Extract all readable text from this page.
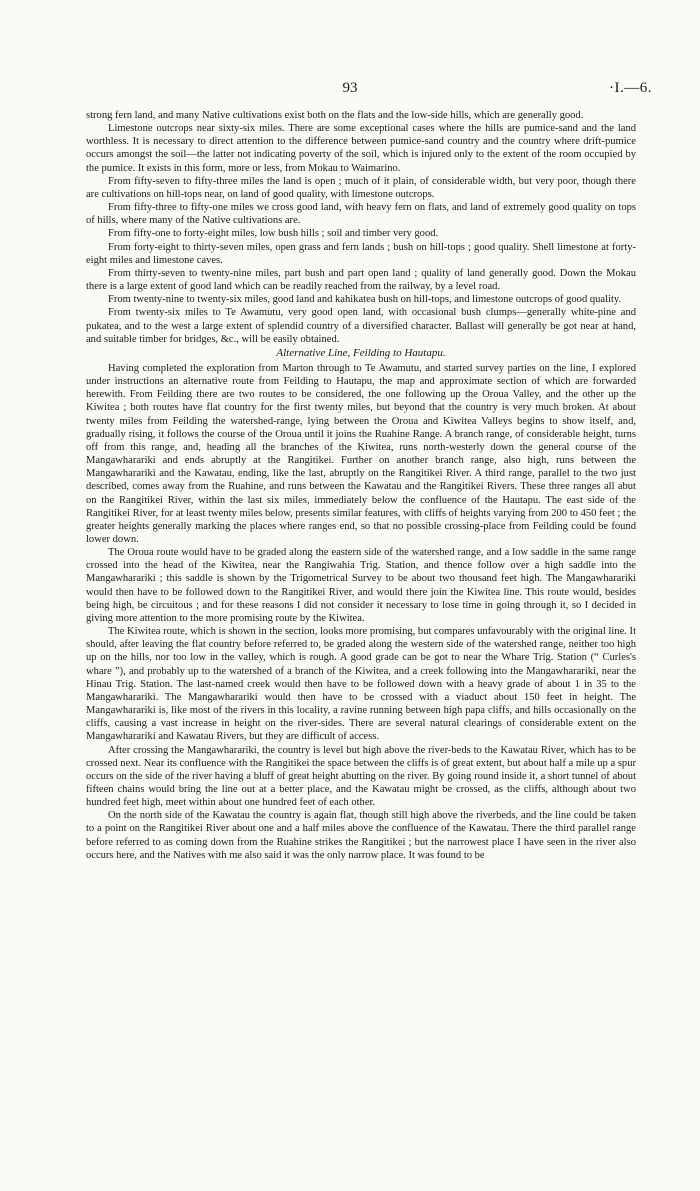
93	·I.—6.

strong fern land, and many Native cultivations exist both on the flats and the low-side hills, which are generally good.

Limestone outcrops near sixty-six miles. There are some exceptional cases where the hills are pumice-sand and the land worthless. It is necessary to direct attention to the difference between pumice-sand country and the country where drift-pumice occurs amongst the soil—the latter not indicating poverty of the soil, which is injured only to the extent of the room occupied by the pumice. It exists in this form, more or less, from Mokau to Waimarino.

From fifty-seven to fifty-three miles the land is open ; much of it plain, of considerable width, but very poor, though there are cultivations on hill-tops near, on land of good quality, with limestone outcrops.

From fifty-three to fifty-one miles we cross good land, with heavy fern on flats, and land of extremely good quality on tops of hills, where many of the Native cultivations are.

From fifty-one to forty-eight miles, low bush hills ; soil and timber very good.

From forty-eight to thirty-seven miles, open grass and fern lands ; bush on hill-tops ; good quality. Shell limestone at forty-eight miles and limestone caves.

From thirty-seven to twenty-nine miles, part bush and part open land ; quality of land generally good. Down the Mokau there is a large extent of good land which can be readily reached from the railway, by a level road.

From twenty-nine to twenty-six miles, good land and kahikatea bush on hill-tops, and limestone outcrops of good quality.

From twenty-six miles to Te Awamutu, very good open land, with occasional bush clumps—generally white-pine and pukatea, and to the west a large extent of splendid country of a diversified character. Ballast will generally be got near at hand, and suitable timber for bridges, &c., will be easily obtained.

Alternative Line, Feilding to Hautapu.

Having completed the exploration from Marton through to Te Awamutu, and started survey parties on the line, I explored under instructions an alternative route from Feilding to Hautapu, the map and approximate section of which are forwarded herewith. From Feilding there are two routes to be considered, the one following up the Oroua Valley, and the other up the Kiwitea ; both routes have flat country for the first twenty miles, but beyond that the country is very much broken. At about twenty miles from Feilding the watershed-range, lying between the Oroua and Kiwitea Valleys begins to show itself, and, gradually rising, it follows the course of the Oroua until it joins the Ruahine Range. A branch range, of considerable height, turns off from this range, and, heading all the branches of the Kiwitea, runs north-westerly down the general course of the Mangawharariki and ends abruptly at the Rangitikei. Further on another branch range, also high, runs between the Mangawharariki and the Kawatau, ending, like the last, abruptly on the Rangitikei River. A third range, parallel to the two just described, comes away from the Ruahine, and runs between the Kawatau and the Rangitikei Rivers. These three ranges all abut on the Rangitikei River, within the last six miles, immediately below the confluence of the Hautapu. The east side of the Rangitikei River, for at least twenty miles below, presents similar features, with cliffs of heights varying from 200 to 450 feet ; the greater heights generally marking the places where ranges end, so that no possible crossing-place from Feilding could be found lower down.

The Oroua route would have to be graded along the eastern side of the watershed range, and a low saddle in the same range crossed into the head of the Kiwitea, near the Rangiwahia Trig. Station, and thence follow over a high saddle into the Mangawharariki ; this saddle is shown by the Trigometrical Survey to be about two thousand feet high. The Mangawharariki would then have to be followed down to the Rangitikei River, and would there join the Kiwitea line. This route would, besides being high, be circuitous ; and for these reasons I did not consider it necessary to lose time in going through it, so I decided in giving more attention to the more promising route by the Kiwitea.

The Kiwitea route, which is shown in the section, looks more promising, but compares unfavourably with the original line. It should, after leaving the flat country before referred to, be graded along the western side of the watershed range, neither too high up on the hills, nor too low in the valley, which is rough. A good grade can be got to near the Whare Trig. Station (“ Curles's whare ”), and probably up to the watershed of a branch of the Kiwitea, and a creek following into the Mangawharariki, near the Hinau Trig. Station. The last-named creek would then have to be followed down with a heavy grade of about 1 in 35 to the Mangawharariki. The Mangawharariki would then have to be crossed with a viaduct about 150 feet in height. The Mangawharariki is, like most of the rivers in this locality, a ravine running between high papa cliffs, and hills occasionally on the cliffs, causing a vast increase in height on the river-sides. There are several natural clearings of considerable extent on the Mangawharariki and Kawatau Rivers, but they are difficult of access.

After crossing the Mangawharariki, the country is level but high above the river-beds to the Kawatau River, which has to be crossed next. Near its confluence with the Rangitikei the space between the cliffs is of great extent, but about half a mile up a spur occurs on the side of the river having a bluff of great height abutting on the river. By going round inside it, a short tunnel of about fifteen chains would bring the line out at a better place, and the Kawatau might be crossed, as the cliffs, although about two hundred feet high, meet within about one hundred feet of each other.

On the north side of the Kawatau the country is again flat, though still high above the riverbeds, and the line could be taken to a point on the Rangitikei River about one and a half miles above the confluence of the Kawatau. There the third parallel range before referred to as coming down from the Ruahine strikes the Rangitikei ; but the narrowest place I have seen in the river also occurs here, and the Natives with me also said it was the only narrow place. It was found to be
